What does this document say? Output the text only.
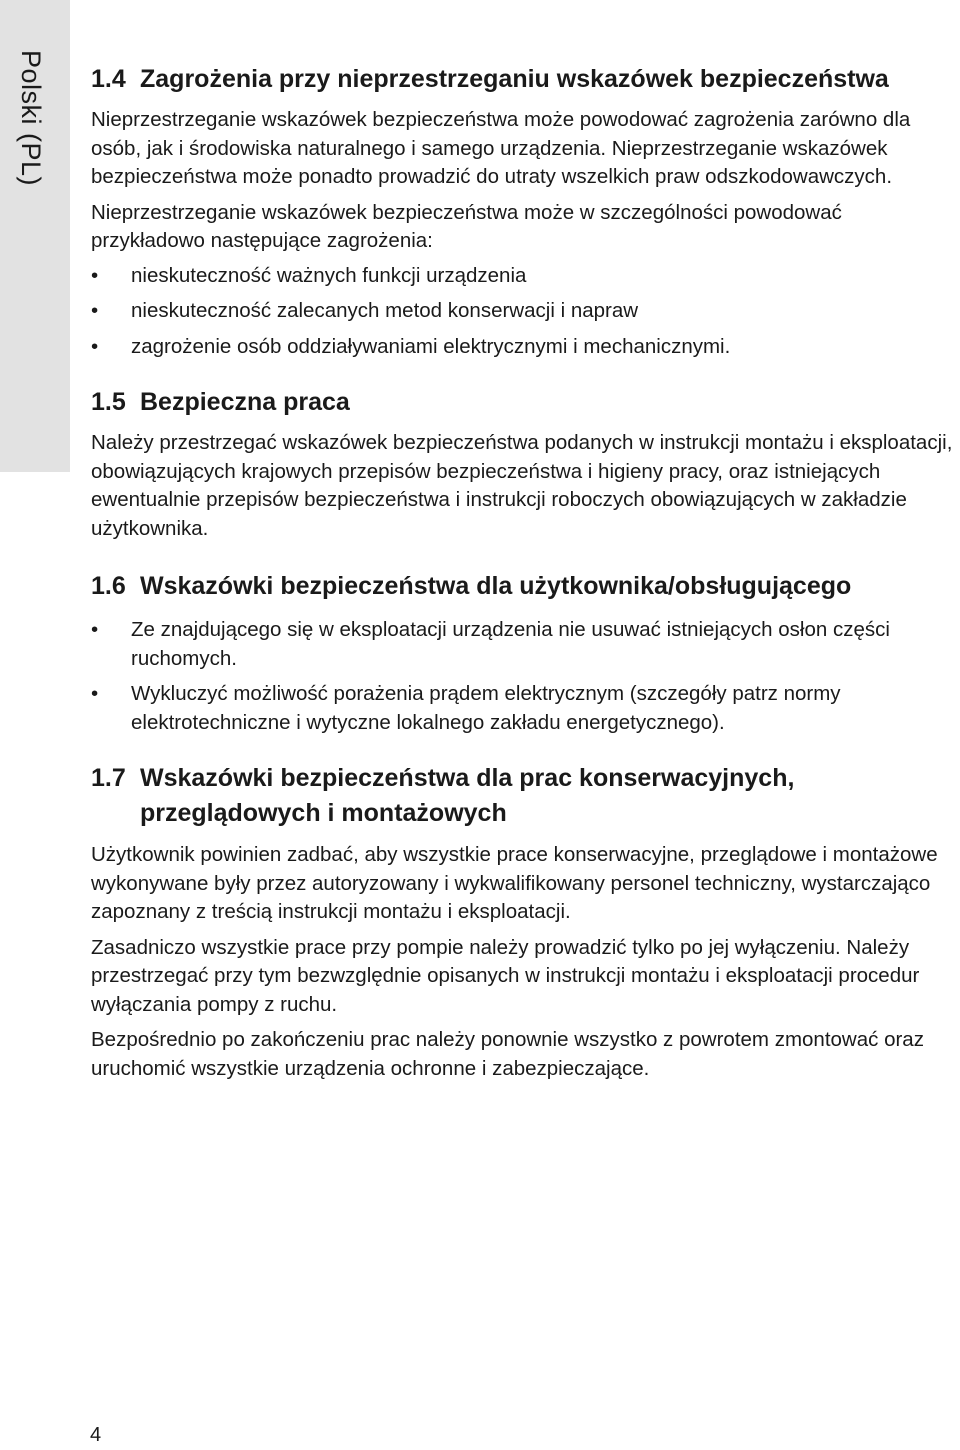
Polski (PL) 1.4 Zagrożenia przy nieprzestrzeganiu wskazówek bezpieczeństwa

Nieprzestrzeganie wskazówek bezpieczeństwa może powodować zagrożenia zarówno dla osób, jak i środowiska naturalnego i samego urządzenia. Nieprzestrzeganie wskazówek bezpieczeństwa może ponadto prowadzić do utraty wszelkich praw odszkodowawczych.

Nieprzestrzeganie wskazówek bezpieczeństwa może w szczególności powodować przykładowo następujące zagrożenia:

• nieskuteczność ważnych funkcji urządzenia
• nieskuteczność zalecanych metod konserwacji i napraw
• zagrożenie osób oddziaływaniami elektrycznymi i mechanicznymi.
1.5 Bezpieczna praca

Należy przestrzegać wskazówek bezpieczeństwa podanych w instrukcji montażu i eksploatacji, obowiązujących krajowych przepisów bezpieczeństwa i higieny pracy, oraz istniejących ewentualnie przepisów bezpieczeństwa i instrukcji roboczych obowiązujących w zakładzie użytkownika.

1.6 Wskazówki bezpieczeństwa dla użytkownika/obsługującego
• Ze znajdującego się w eksploatacji urządzenia nie usuwać istniejących osłon części ruchomych.
• Wykluczyć możliwość porażenia prądem elektrycznym (szczegóły patrz normy elektrotechniczne i wytyczne lokalnego zakładu energetycznego).
1.7 Wskazówki bezpieczeństwa dla prac konserwacyjnych, przeglądowych i montażowych

Użytkownik powinien zadbać, aby wszystkie prace konserwacyjne, przeglądowe i montażowe wykonywane były przez autoryzowany i wykwalifikowany personel techniczny, wystarczająco zapoznany z treścią instrukcji montażu i eksploatacji.

Zasadniczo wszystkie prace przy pompie należy prowadzić tylko po jej wyłączeniu. Należy przestrzegać przy tym bezwzględnie opisanych w instrukcji montażu i eksploatacji procedur wyłączania pompy z ruchu.

Bezpośrednio po zakończeniu prac należy ponownie wszystko z powrotem zmontować oraz uruchomić wszystkie urządzenia ochronne i zabezpieczające.

4
